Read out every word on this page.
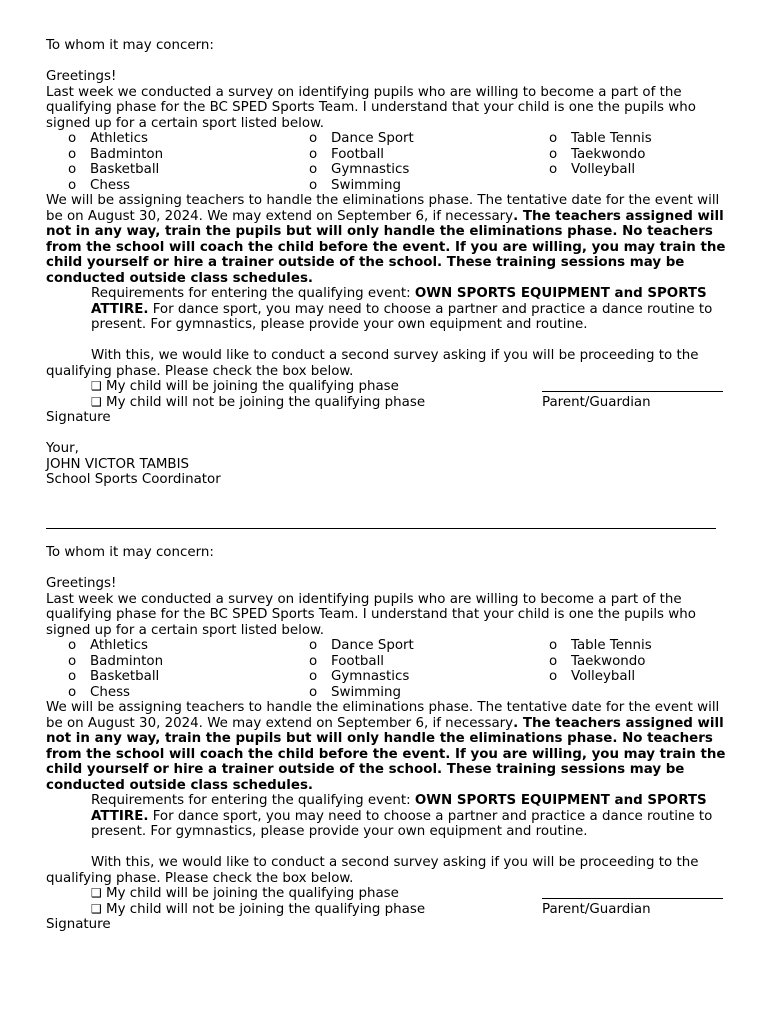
To whom it may concern:

Greetings!

Last week we conducted a survey on identifying pupils who are willing to become a part of the qualifying phase for the BC SPED Sports Team. I understand that your child is one the pupils who signed up for a certain sport listed below.

o Athletics
o Badminton
o Basketball
o Chess
o Dance Sport
o Football
o Gymnastics
o Swimming
o Table Tennis
o Taekwondo
o Volleyball

We will be assigning teachers to handle the eliminations phase. The tentative date for the event will be on August 30, 2024. We may extend on September 6, if necessary. The teachers assigned will not in any way, train the pupils but will only handle the eliminations phase. No teachers from the school will coach the child before the event. If you are willing, you may train the child yourself or hire a trainer outside of the school. These training sessions may be conducted outside class schedules.

Requirements for entering the qualifying event: OWN SPORTS EQUIPMENT and SPORTS ATTIRE. For dance sport, you may need to choose a partner and practice a dance routine to present. For gymnastics, please provide your own equipment and routine.

With this, we would like to conduct a second survey asking if you will be proceeding to the qualifying phase. Please check the box below.

❑ My child will be joining the qualifying phase
❑ My child will not be joining the qualifying phase	Parent/Guardian

Signature

Your,

JOHN VICTOR TAMBIS

School Sports Coordinator

To whom it may concern:

Greetings!

Last week we conducted a survey on identifying pupils who are willing to become a part of the qualifying phase for the BC SPED Sports Team. I understand that your child is one the pupils who signed up for a certain sport listed below.

o Athletics
o Badminton
o Basketball
o Chess
o Dance Sport
o Football
o Gymnastics
o Swimming
o Table Tennis
o Taekwondo
o Volleyball

We will be assigning teachers to handle the eliminations phase. The tentative date for the event will be on August 30, 2024. We may extend on September 6, if necessary. The teachers assigned will not in any way, train the pupils but will only handle the eliminations phase. No teachers from the school will coach the child before the event. If you are willing, you may train the child yourself or hire a trainer outside of the school. These training sessions may be conducted outside class schedules.

Requirements for entering the qualifying event: OWN SPORTS EQUIPMENT and SPORTS ATTIRE. For dance sport, you may need to choose a partner and practice a dance routine to present. For gymnastics, please provide your own equipment and routine.

With this, we would like to conduct a second survey asking if you will be proceeding to the qualifying phase. Please check the box below.

❑ My child will be joining the qualifying phase
❑ My child will not be joining the qualifying phase	Parent/Guardian

Signature
